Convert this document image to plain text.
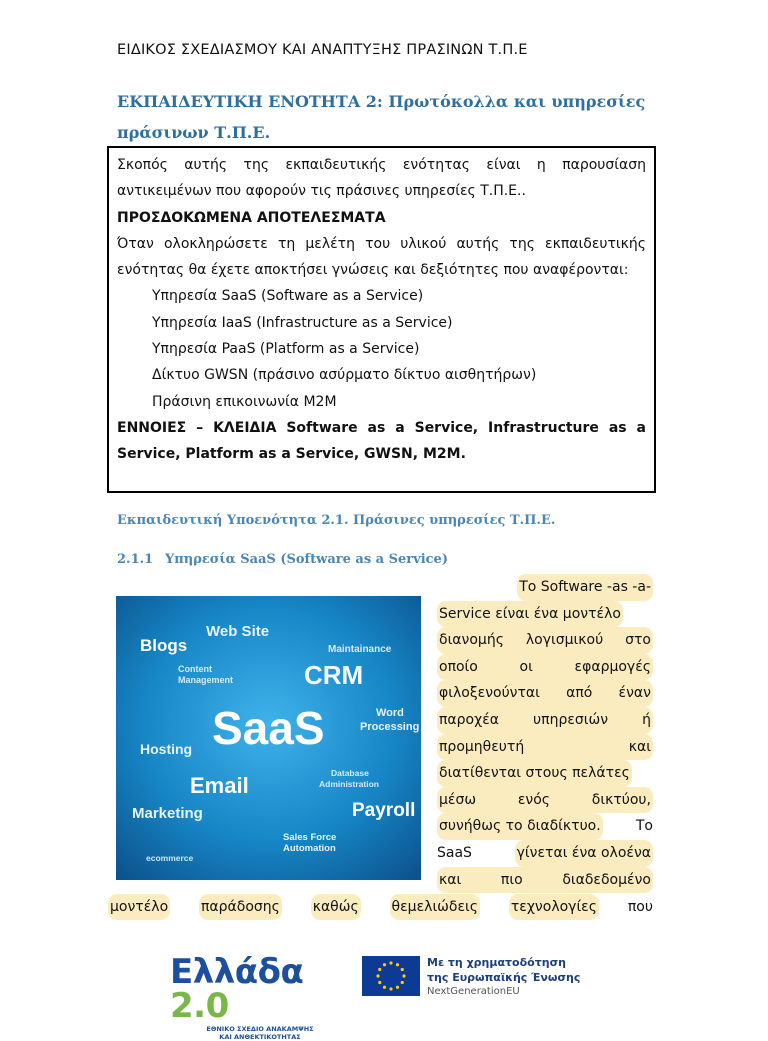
ΕΙΔΙΚΟΣ ΣΧΕΔΙΑΣΜΟΥ ΚΑΙ ΑΝΑΠΤΥΞΗΣ ΠΡΑΣΙΝΩΝ Τ.Π.Ε
ΕΚΠΑΙΔΕΥΤΙΚΗ ΕΝΟΤΗΤΑ 2: Πρωτόκολλα και υπηρεσίες πράσινων Τ.Π.Ε.

Σκοπός αυτής της εκπαιδευτικής ενότητας είναι η παρουσίαση αντικειμένων που αφορούν τις πράσινες υπηρεσίες Τ.Π.Ε..

ΠΡΟΣΔΟΚΩΜΕΝΑ ΑΠΟΤΕΛΕΣΜΑΤΑ

Όταν ολοκληρώσετε τη μελέτη του υλικού αυτής της εκπαιδευτικής ενότητας θα έχετε αποκτήσει γνώσεις και δεξιότητες που αναφέρονται:

Υπηρεσία SaaS (Software as a Service)

Υπηρεσία IaaS (Infrastructure as a Service)

Υπηρεσία PaaS (Platform as a Service)

Δίκτυο GWSN (πράσινο ασύρματο δίκτυο αισθητήρων)

Πράσινη επικοινωνία M2M

ΕΝΝΟΙΕΣ – ΚΛΕΙΔΙΑ Software as a Service, Infrastructure as a Service, Platform as a Service, GWSN, M2M.

Εκπαιδευτική Υποενότητα 2.1. Πράσινες υπηρεσίες Τ.Π.Ε.
2.1.1 Υπηρεσία SaaS (Software as a Service)
Blogs
Web Site
Maintainance
Content
Management	CRM
SaaS	Word
Processing
Hosting
Email	Database
Administration
Marketing	Payroll
Sales Force
Automation
ecommerce
Το Software -as -a-
Service είναι ένα μοντέλο
διανομής λογισμικού στο
οποίο	οι	εφαρμογές
φιλοξενούνται από έναν
παροχέα υπηρεσιών ή
προμηθευτή	και
διατίθενται στους πελάτες
μέσω	ενός	δικτύου,
συνήθως το διαδίκτυο.	Το
SaaS	γίνεται ένα ολοένα
και	πιο	διαδεδομένο
μοντέλο παράδοσης καθώς θεμελιώδεις τεχνολογίες που
Ελλάδα 2.0
ΕΘΝΙΚΟ ΣΧΕΔΙΟ ΑΝΑΚΑΜΨΗΣ
ΚΑΙ ΑΝΘΕΚΤΙΚΟΤΗΤΑΣ
Με τη χρηματοδότηση
της Ευρωπαϊκής Ένωσης
NextGenerationEU
